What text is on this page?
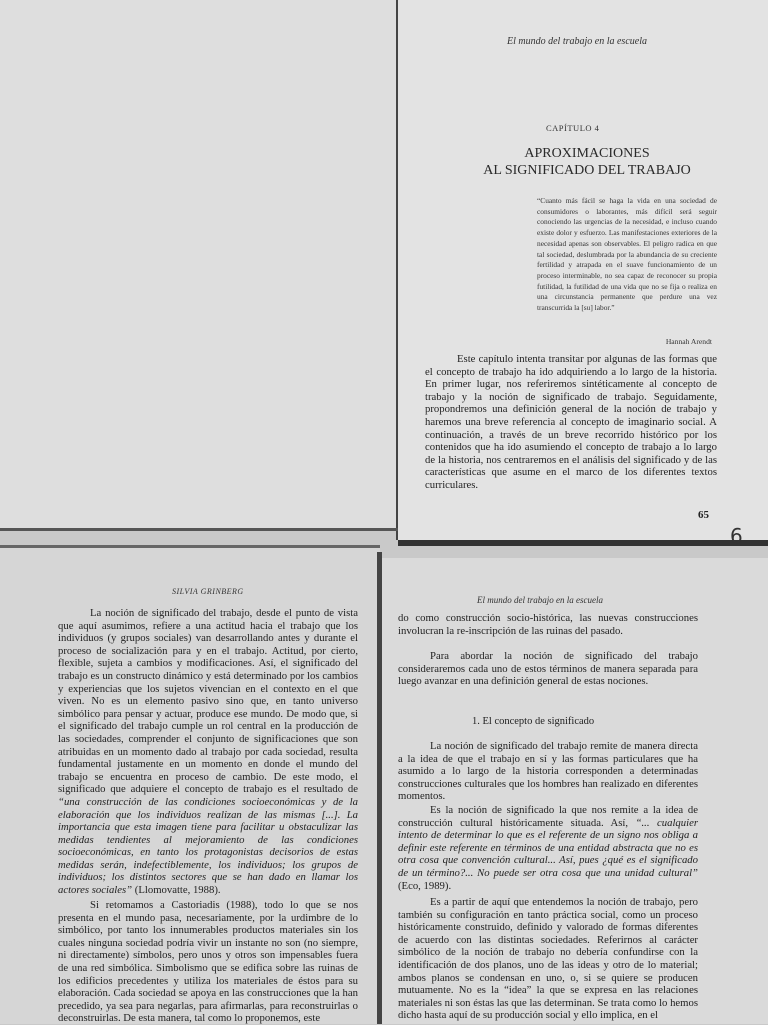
El mundo del trabajo en la escuela
CAPÍTULO 4
APROXIMACIONES
AL SIGNIFICADO DEL TRABAJO
“Cuanto más fácil se haga la vida en una sociedad de consumidores o laborantes, más difícil será seguir conociendo las urgencias de la necesidad, e incluso cuando existe dolor y esfuerzo. Las manifestaciones exteriores de la necesidad apenas son observables. El peligro radica en que tal sociedad, deslumbrada por la abundancia de su creciente fertilidad y atrapada en el suave funcionamiento de un proceso interminable, no sea capaz de reconocer su propia futilidad, la futilidad de una vida que no se fija o realiza en una circunstancia permanente que perdure una vez transcurrida la [su] labor.”
Hannah Arendt
Este capítulo intenta transitar por algunas de las formas que el concepto de trabajo ha ido adquiriendo a lo largo de la historia. En primer lugar, nos referiremos sintéticamente al concepto de trabajo y la noción de significado de trabajo. Seguidamente, propondremos una definición general de la noción de trabajo y haremos una breve referencia al concepto de imaginario social. A continuación, a través de un breve recorrido histórico por los contenidos que ha ido asumiendo el concepto de trabajo a lo largo de la historia, nos centraremos en el análisis del significado y de las características que asume en el marco de los diferentes textos curriculares.
65
6
SILVIA GRINBERG
La noción de significado del trabajo, desde el punto de vista que aquí asumimos, refiere a una actitud hacia el trabajo que los individuos (y grupos sociales) van desarrollando antes y durante el proceso de socialización para y en el trabajo. Actitud, por cierto, flexible, sujeta a cambios y modificaciones. Así, el significado del trabajo es un constructo dinámico y está determinado por los cambios y experiencias que los sujetos vivencian en el contexto en el que viven. No es un elemento pasivo sino que, en tanto universo simbólico para pensar y actuar, produce ese mundo. De modo que, si el significado del trabajo cumple un rol central en la producción de las sociedades, comprender el conjunto de significaciones que son atribuidas en un momento dado al trabajo por cada sociedad, resulta fundamental justamente en un momento en donde el mundo del trabajo se encuentra en proceso de cambio. De este modo, el significado que adquiere el concepto de trabajo es el resultado de “una construcción de las condiciones socioeconómicas y de la elaboración que los individuos realizan de las mismas [...]. La importancia que esta imagen tiene para facilitar u obstaculizar las medidas tendientes al mejoramiento de las condiciones socioeconómicas, en tanto los protagonistas decisorios de estas medidas serán, indefectiblemente, los individuos; los grupos de individuos; los distintos sectores que se han dado en llamar los actores sociales” (Llomovatte, 1988).
Si retomamos a Castoriadis (1988), todo lo que se nos presenta en el mundo pasa, necesariamente, por la urdimbre de lo simbólico, por tanto los innumerables productos materiales sin los cuales ninguna sociedad podría vivir un instante no son (no siempre, ni directamente) símbolos, pero unos y otros son impensables fuera de una red simbólica. Simbolismo que se edifica sobre las ruinas de los edificios precedentes y utiliza los materiales de éstos para su elaboración. Cada sociedad se apoya en las construcciones que la han precedido, ya sea para negarlas, para afirmarlas, para reconstruirlas o deconstruirlas. De esta manera, tal como lo proponemos, este
El mundo del trabajo en la escuela
do como construcción socio-histórica, las nuevas construcciones involucran la re-inscripción de las ruinas del pasado.
Para abordar la noción de significado del trabajo consideraremos cada uno de estos términos de manera separada para luego avanzar en una definición general de estas nociones.
1. El concepto de significado
La noción de significado del trabajo remite de manera directa a la idea de que el trabajo en sí y las formas particulares que ha asumido a lo largo de la historia corresponden a determinadas construcciones culturales que los hombres han realizado en diferentes momentos.
Es la noción de significado la que nos remite a la idea de construcción cultural históricamente situada. Así, “... cualquier intento de determinar lo que es el referente de un signo nos obliga a definir este referente en términos de una entidad abstracta que no es otra cosa que convención cultural... Así, pues ¿qué es el significado de un término?... No puede ser otra cosa que una unidad cultural” (Eco, 1989).
Es a partir de aquí que entendemos la noción de trabajo, pero también su configuración en tanto práctica social, como un proceso históricamente construido, definido y valorado de formas diferentes de acuerdo con las distintas sociedades. Referirnos al carácter simbólico de la noción de trabajo no debería confundirse con la identificación de dos planos, uno de las ideas y otro de lo material; ambos planos se condensan en uno, o, si se quiere se producen mutuamente. No es la “idea” la que se expresa en las relaciones materiales ni son éstas las que las determinan. Se trata como lo hemos dicho hasta aquí de su producción social y ello implica, en el
